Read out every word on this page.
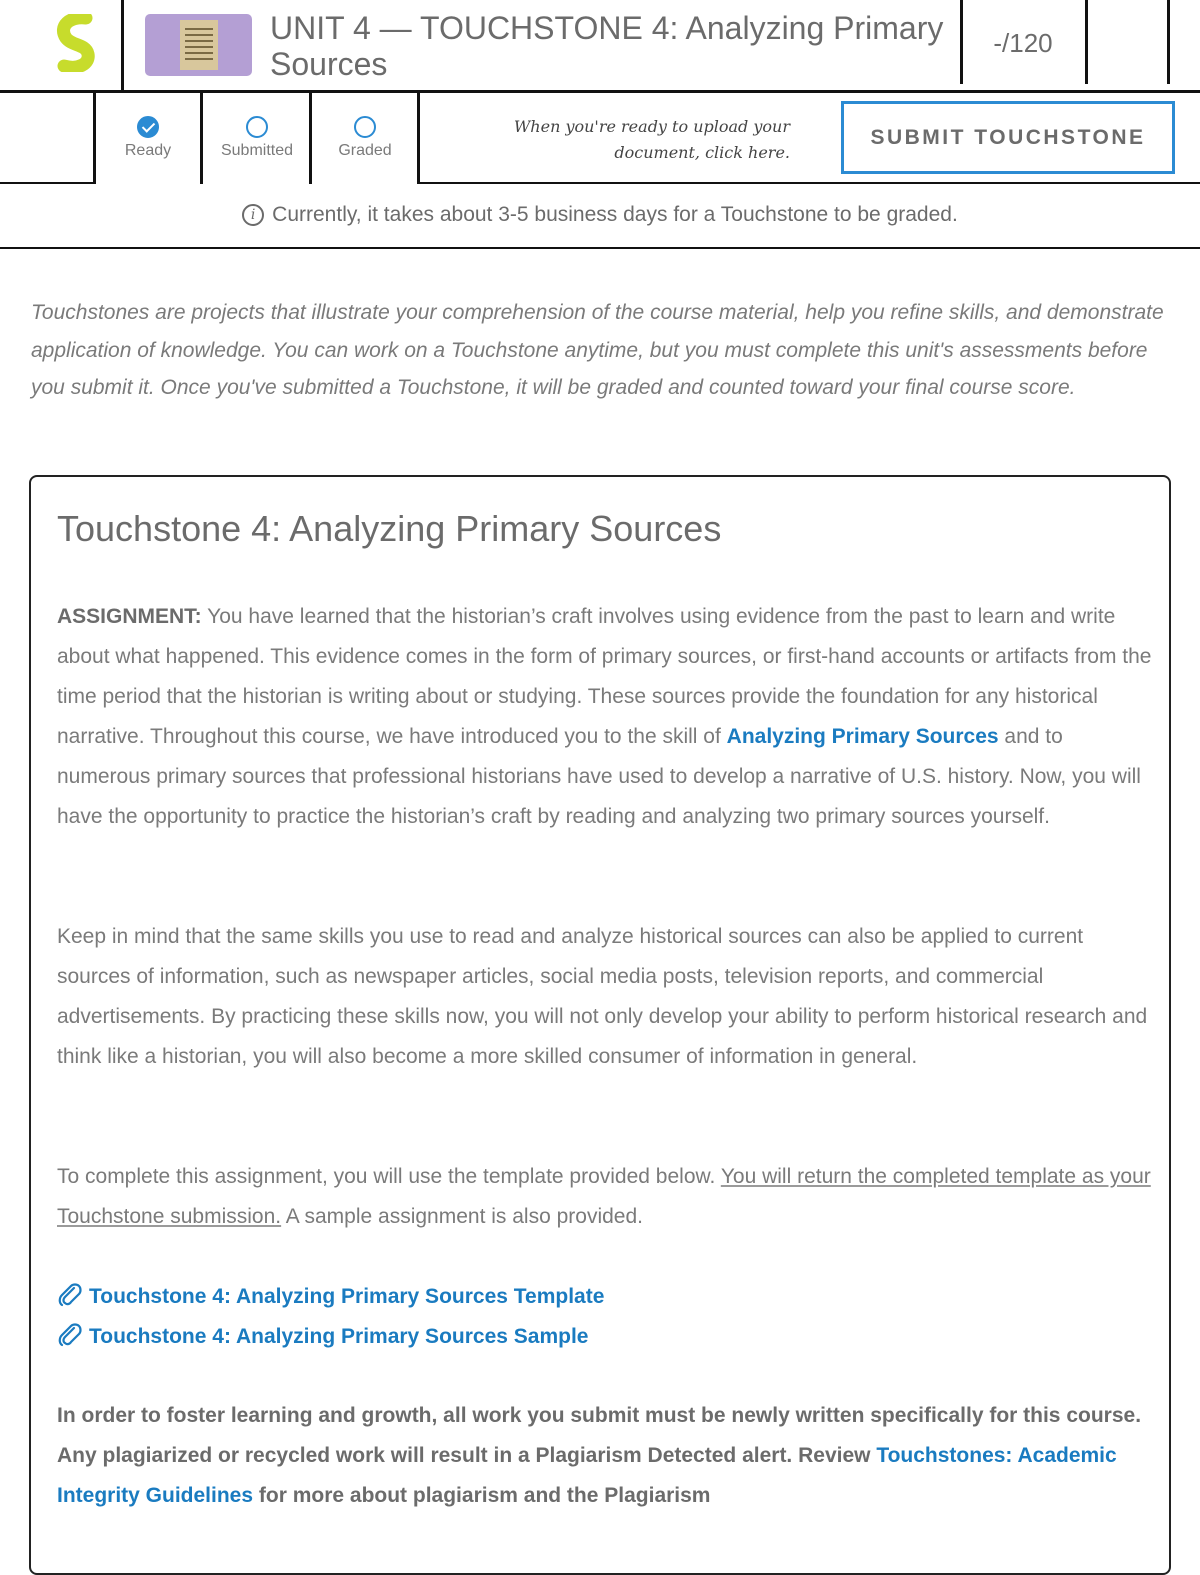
UNIT 4 — TOUCHSTONE 4: Analyzing Primary Sources
-/120
Ready	Submitted	Graded
When you're ready to upload your document, click here.
SUBMIT TOUCHSTONE
i Currently, it takes about 3-5 business days for a Touchstone to be graded.

Touchstones are projects that illustrate your comprehension of the course material, help you refine skills, and demonstrate application of knowledge. You can work on a Touchstone anytime, but you must complete this unit's assessments before you submit it. Once you've submitted a Touchstone, it will be graded and counted toward your final course score.

Touchstone 4: Analyzing Primary Sources

ASSIGNMENT: You have learned that the historian’s craft involves using evidence from the past to learn and write about what happened. This evidence comes in the form of primary sources, or first-hand accounts or artifacts from the time period that the historian is writing about or studying. These sources provide the foundation for any historical narrative. Throughout this course, we have introduced you to the skill of Analyzing Primary Sources and to numerous primary sources that professional historians have used to develop a narrative of U.S. history. Now, you will have the opportunity to practice the historian’s craft by reading and analyzing two primary sources yourself.

Keep in mind that the same skills you use to read and analyze historical sources can also be applied to current sources of information, such as newspaper articles, social media posts, television reports, and commercial advertisements. By practicing these skills now, you will not only develop your ability to perform historical research and think like a historian, you will also become a more skilled consumer of information in general.

To complete this assignment, you will use the template provided below. You will return the completed template as your Touchstone submission. A sample assignment is also provided.

Touchstone 4: Analyzing Primary Sources Template
Touchstone 4: Analyzing Primary Sources Sample

In order to foster learning and growth, all work you submit must be newly written specifically for this course. Any plagiarized or recycled work will result in a Plagiarism Detected alert. Review Touchstones: Academic Integrity Guidelines for more about plagiarism and the Plagiarism
